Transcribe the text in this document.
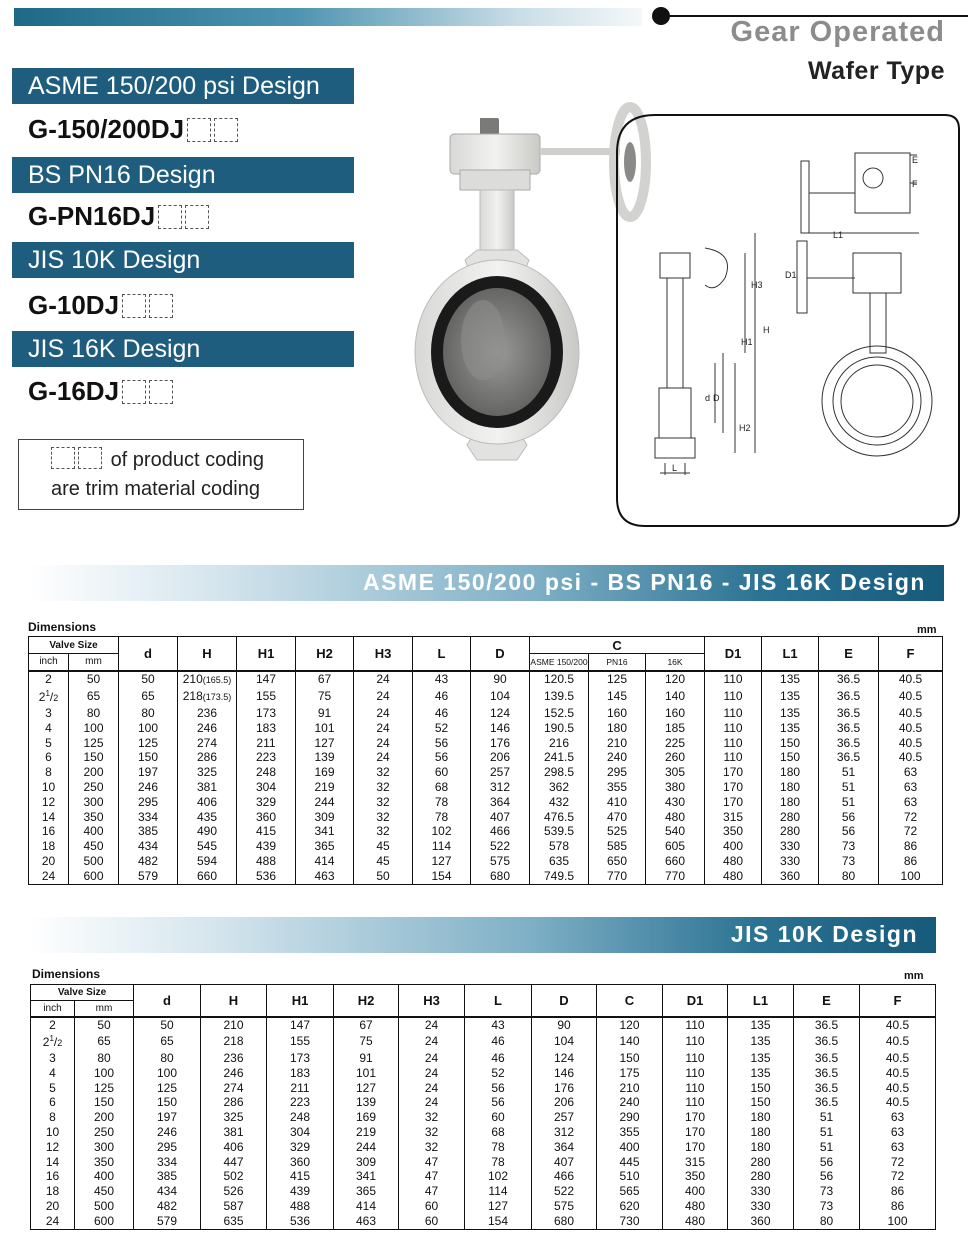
Gear Operated
Wafer Type
ASME 150/200 psi Design
G-150/200DJ
BS PN16 Design
G-PN16DJ
JIS 10K Design
G-10DJ
JIS 16K Design
G-16DJ
of product coding
are trim material coding
E
F
L1
D1
H3
H
H1
d D
H2
L
ASME 150/200 psi - BS PN16 - JIS 16K Design
Dimensions	mm
Valve Size		d	H	H1	H2	H3	L	D	C			D1	L1	E	F
inch	mm								ASME 150/200	PN16	16K				
2	50	50	210(165.5)	147	67	24	43	90	120.5	125	120	110	135	36.5	40.5
$2^1/2$	65	65	218(173.5)	155	75	24	46	104	139.5	145	140	110	135	36.5	40.5
3	80	80	236	173	91	24	46	124	152.5	160	160	110	135	36.5	40.5
4	100	100	246	183	101	24	52	146	190.5	180	185	110	135	36.5	40.5
5	125	125	274	211	127	24	56	176	216	210	225	110	150	36.5	40.5
6	150	150	286	223	139	24	56	206	241.5	240	260	110	150	36.5	40.5
8	200	197	325	248	169	32	60	257	298.5	295	305	170	180	51	63
10	250	246	381	304	219	32	68	312	362	355	380	170	180	51	63
12	300	295	406	329	244	32	78	364	432	410	430	170	180	51	63
14	350	334	435	360	309	32	78	407	476.5	470	480	315	280	56	72
16	400	385	490	415	341	32	102	466	539.5	525	540	350	280	56	72
18	450	434	545	439	365	45	114	522	578	585	605	400	330	73	86
20	500	482	594	488	414	45	127	575	635	650	660	480	330	73	86
24	600	579	660	536	463	50	154	680	749.5	770	770	480	360	80	100
JIS 10K Design
Dimensions	mm
Valve Size		d	H	H1	H2	H3	L	D	C	D1	L1	E	F
inch	mm												
2	50	50	210	147	67	24	43	90	120	110	135	36.5	40.5
$2^1/2$	65	65	218	155	75	24	46	104	140	110	135	36.5	40.5
3	80	80	236	173	91	24	46	124	150	110	135	36.5	40.5
4	100	100	246	183	101	24	52	146	175	110	135	36.5	40.5
5	125	125	274	211	127	24	56	176	210	110	150	36.5	40.5
6	150	150	286	223	139	24	56	206	240	110	150	36.5	40.5
8	200	197	325	248	169	32	60	257	290	170	180	51	63
10	250	246	381	304	219	32	68	312	355	170	180	51	63
12	300	295	406	329	244	32	78	364	400	170	180	51	63
14	350	334	447	360	309	47	78	407	445	315	280	56	72
16	400	385	502	415	341	47	102	466	510	350	280	56	72
18	450	434	526	439	365	47	114	522	565	400	330	73	86
20	500	482	587	488	414	60	127	575	620	480	330	73	86
24	600	579	635	536	463	60	154	680	730	480	360	80	100
